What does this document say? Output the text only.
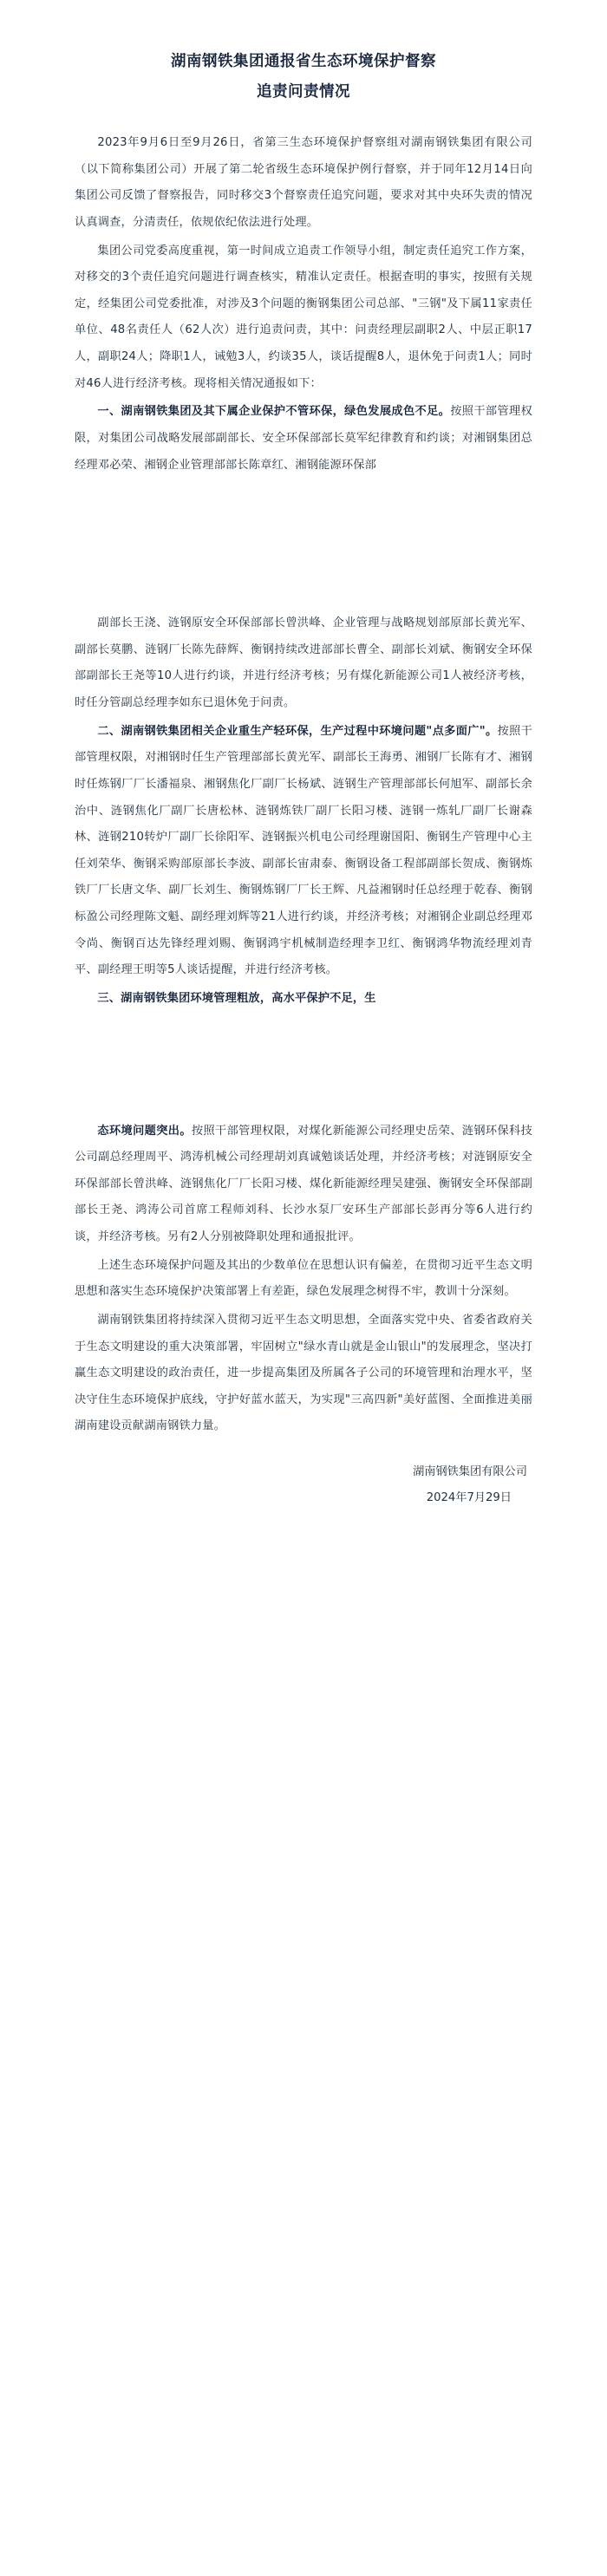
湖南钢铁集团通报省生态环境保护督察
追责问责情况

2023年9月6日至9月26日，省第三生态环境保护督察组对湖南钢铁集团有限公司（以下简称集团公司）开展了第二轮省级生态环境保护例行督察，并于同年12月14日向集团公司反馈了督察报告，同时移交3个督察责任追究问题，要求对其中央环失责的情况认真调查，分清责任，依规依纪依法进行处理。

集团公司党委高度重视，第一时间成立追责工作领导小组，制定责任追究工作方案，对移交的3个责任追究问题进行调查核实，精准认定责任。根据查明的事实，按照有关规定，经集团公司党委批准，对涉及3个问题的衡钢集团公司总部、"三钢"及下属11家责任单位、48名责任人（62人次）进行追责问责，其中：问责经理层副职2人、中层正职17人，副职24人；降职1人，诫勉3人，约谈35人，谈话提醒8人，退休免于问责1人；同时对46人进行经济考核。现将相关情况通报如下：

一、湖南钢铁集团及其下属企业保护不管环保，绿色发展成色不足。按照干部管理权限，对集团公司战略发展部副部长、安全环保部部长莫军纪律教育和约谈；对湘钢集团总经理邓必荣、湘钢企业管理部部长陈章红、湘钢能源环保部

副部长王浇、涟钢原安全环保部部长曾洪峰、企业管理与战略规划部原部长黄光军、副部长莫鹏、涟钢厂长陈先薛辉、衡钢持续改进部部长曹全、副部长刘斌、衡钢安全环保部副部长王尧等10人进行约谈，并进行经济考核；另有煤化新能源公司1人被经济考核，时任分管副总经理李如东已退休免于问责。

二、湖南钢铁集团相关企业重生产轻环保，生产过程中环境问题"点多面广"。按照干部管理权限，对湘钢时任生产管理部部长黄光军、副部长王海勇、湘钢厂长陈有才、湘钢时任炼钢厂厂长潘福泉、湘钢焦化厂副厂长杨斌、涟钢生产管理部部长何旭军、副部长余治中、涟钢焦化厂副厂长唐松林、涟钢炼铁厂副厂长阳习楼、涟钢一炼轧厂副厂长谢森林、涟钢210转炉厂副厂长徐阳军、涟钢振兴机电公司经理谢国阳、衡钢生产管理中心主任刘荣华、衡钢采购部原部长李波、副部长宙肃泰、衡钢设备工程部副部长贺成、衡钢炼铁厂厂长唐文华、副厂长刘生、衡钢炼钢厂厂长王辉、凡益湘钢时任总经理于乾春、衡钢标盈公司经理陈文魁、副经理刘辉等21人进行约谈，并经济考核；对湘钢企业副总经理邓令尚、衡钢百达先锋经理刘赐、衡钢鸿宇机械制造经理李卫红、衡钢鸿华物流经理刘青平、副经理王明等5人谈话提醒，并进行经济考核。

三、湖南钢铁集团环境管理粗放，高水平保护不足，生

态环境问题突出。按照干部管理权限，对煤化新能源公司经理史岳荣、涟钢环保科技公司副总经理周平、鸿涛机械公司经理胡刘真诚勉谈话处理，并经济考核；对涟钢原安全环保部部长曾洪峰、涟钢焦化厂厂长阳习楼、煤化新能源经理吴建强、衡钢安全环保部副部长王尧、鸿涛公司首席工程师刘科、长沙水泵厂安环生产部部长彭再分等6人进行约谈，并经济考核。另有2人分别被降职处理和通报批评。

上述生态环境保护问题及其出的少数单位在思想认识有偏差，在贯彻习近平生态文明思想和落实生态环境保护决策部署上有差距，绿色发展理念树得不牢，教训十分深刻。

湖南钢铁集团将持续深入贯彻习近平生态文明思想，全面落实党中央、省委省政府关于生态文明建设的重大决策部署，牢固树立"绿水青山就是金山银山"的发展理念，坚决打赢生态文明建设的政治责任，进一步提高集团及所属各子公司的环境管理和治理水平，坚决守住生态环境保护底线，守护好蓝水蓝天，为实现"三高四新"美好蓝图、全面推进美丽湖南建设贡献湖南钢铁力量。

湖南钢铁集团有限公司
2024年7月29日
